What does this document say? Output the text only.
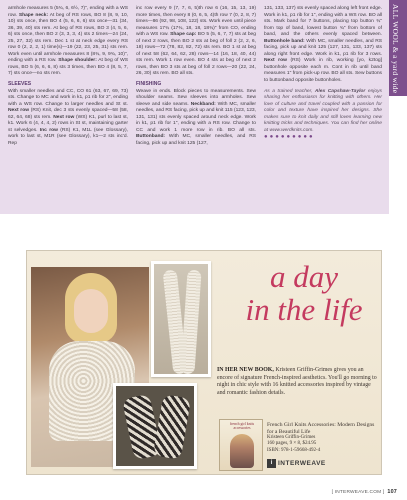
armhole measures 5 (5¾, 6, 6½, 7)", ending with a WS row. Shape neck: At beg of RS rows, BO 8 (8, 9, 10, 10) sts once, then BO 4 (5, 6, 6, 6) sts once—31 (34, 36, 39, 40) sts rem. At beg of RS rows, BO 3 (4, 5, 6, 6) sts once, then BO 2 (3, 3, 3, 4) sts 2 times—24 (24, 25, 27, 32) sts rem. Dec 1 st at neck edge every RS row 0 (2, 2, 2, 1) time(s)—19 (22, 23, 25, 31) sts rem. Work even until armhole measures 8 (8¾, 9, 9¾, 10)", ending with a RS row. Shape shoulder: At beg of WS rows, BO 5 (6, 6, 6, 8) sts 3 times, then BO 4 (8, 5, 7, 7) sts once—no sts rem.

SLEEVES

With smaller needles and CC, CO 61 (63, 67, 69, 73) sts. Change to MC and work in k1, p1 rib for 2", ending with a WS row. Change to larger needles and St st. Next row (RS) Knit, dec 3 sts evenly spaced—58 (58, 62, 64, 68) sts rem. Next row (WS) K1, purl to last st, k1. Work 6 (4, 4, 4, 2) rows in St st, maintaining garter st selvedges. Inc row (RS) K1, M1L (see Glossary), work to last st, M1R (see Glossary), k1—2 sts inc'd. Rep

inc row every 9 (7, 7, 6, 5)th row 6 (16, 15, 13, 19) more times, then every 8 (0, 6, 5, 4)th row 7 (0, 2, 8, 7) times—86 (92, 98, 108, 122) sts. Work even until piece measures 17¾ (17¾, 18, 18, 18¾)" from CO, ending with a WS row. Shape cap: BO 5 (5, 6, 7, 7) sts at beg of next 2 rows, then BO 2 sts at beg of foll 2 (2, 2, 6, 18) rows—72 (78, 82, 82, 72) sts rem. BO 1 st at beg of next 58 (62, 64, 62, 28) rows—14 (16, 18, 40, 44) sts rem. Work 1 row even. BO 4 sts at beg of next 2 rows, then BO 3 sts at beg of foll 2 rows—20 (22, 24, 26, 30) sts rem. BO all sts.

FINISHING

Weave in ends. Block pieces to measurements. Sew shoulder seams. Sew sleeves into armholes. Sew sleeve and side seams. Neckband: With MC, smaller needles, and RS facing, pick up and knit 115 (123, 123, 131, 131) sts evenly spaced around neck edge. Work in k1, p1 rib for 1", ending with a RS row. Change to CC and work 1 more row in rib. BO all sts. Buttonband: With MC, smaller needles, and RS facing, pick up and knit 125 (127,

131, 133, 137) sts evenly spaced along left front edge. Work in k1, p1 rib for 1", ending with a WS row. BO all sts. Mark band for 7 buttons, placing top button ¾" from top of band, lowest button ¾" from bottom of band, and the others evenly spaced between. Buttonhole band: With MC, smaller needles, and RS facing, pick up and knit 125 (127, 131, 133, 137) sts along right front edge. Work in k1, p1 rib for 3 rows. Next row (RS) Work in rib, working [yo, k2tog] buttonhole opposite each m. Cont in rib until band measures 1" from pick-up row. BO all sts. Sew buttons to buttonband opposite buttonholes.

As a trained teacher, Alex Capshaw-Taylor enjoys sharing her enthusiasm for knitting with others. Her love of culture and travel coupled with a passion for color and texture have inspired her designs. She makes sure to knit daily and still loves learning new knitting tricks and techniques. You can find her online at www.werdknits.com.

●●●●●●●●●

ALL WOOL & a yard wide
a day
in the life

IN HER NEW BOOK, Kristeen Griffin-Grimes gives you an encore of signature French-inspired aesthetics. You'll go morning to night in chic style with 16 knitted accessories inspired by vintage and romantic fashion details.

french girl knits accessories
French Girl Knits Accessories: Modern Designs for a Beautiful Life
Kristeen Griffin-Grimes
160 pages, 9 × 8, $24.95
ISBN: 978-1-59668-492-4
i INTERWEAVE
[ INTERWEAVE.COM ] 107
